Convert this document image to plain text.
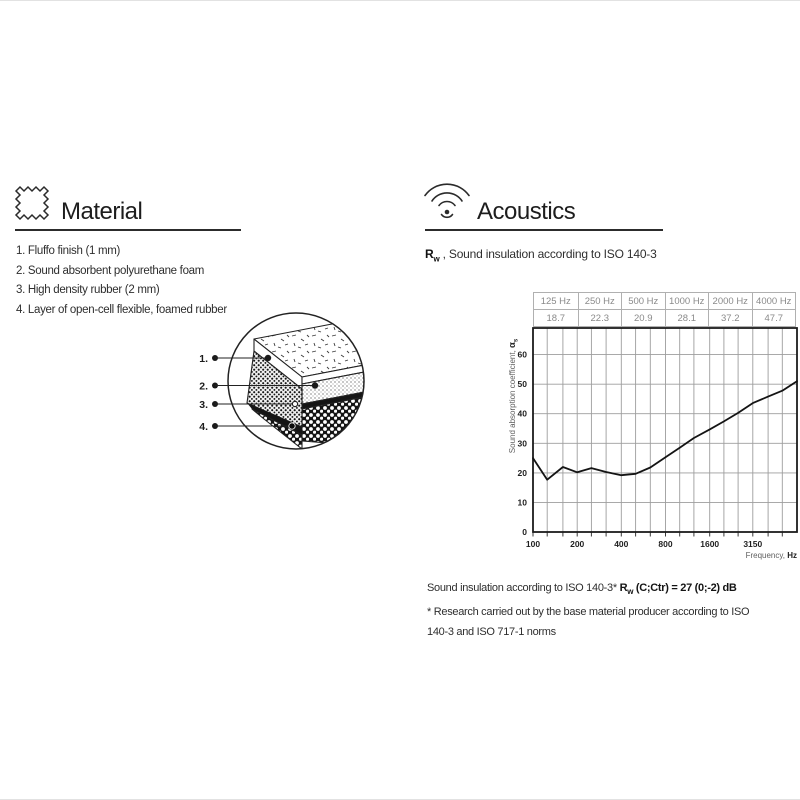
Material
1. Fluffo finish (1 mm)
2. Sound absorbent polyurethane foam
3. High density rubber (2 mm)
4. Layer of open-cell flexible, foamed rubber
1.
2.
3.
4.
Acoustics
$R_w$ , Sound insulation according to ISO 140-3
125 Hz	250 Hz	500 Hz	1000 Hz 2000 Hz 4000 Hz
18.7	22.3	20.9	28.1	37.2	47.7
0
10
20
30
40
50
60
100	200	400	800	1600	3150
Sound absorption coefficient, $\alpha_s$
Frequency, Hz
Sound insulation according to ISO 140-3* $R_w$ (C;Ctr) = 27 (0;-2) dB
* Research carried out by the base material producer according to ISO
140-3 and ISO 717-1 norms
